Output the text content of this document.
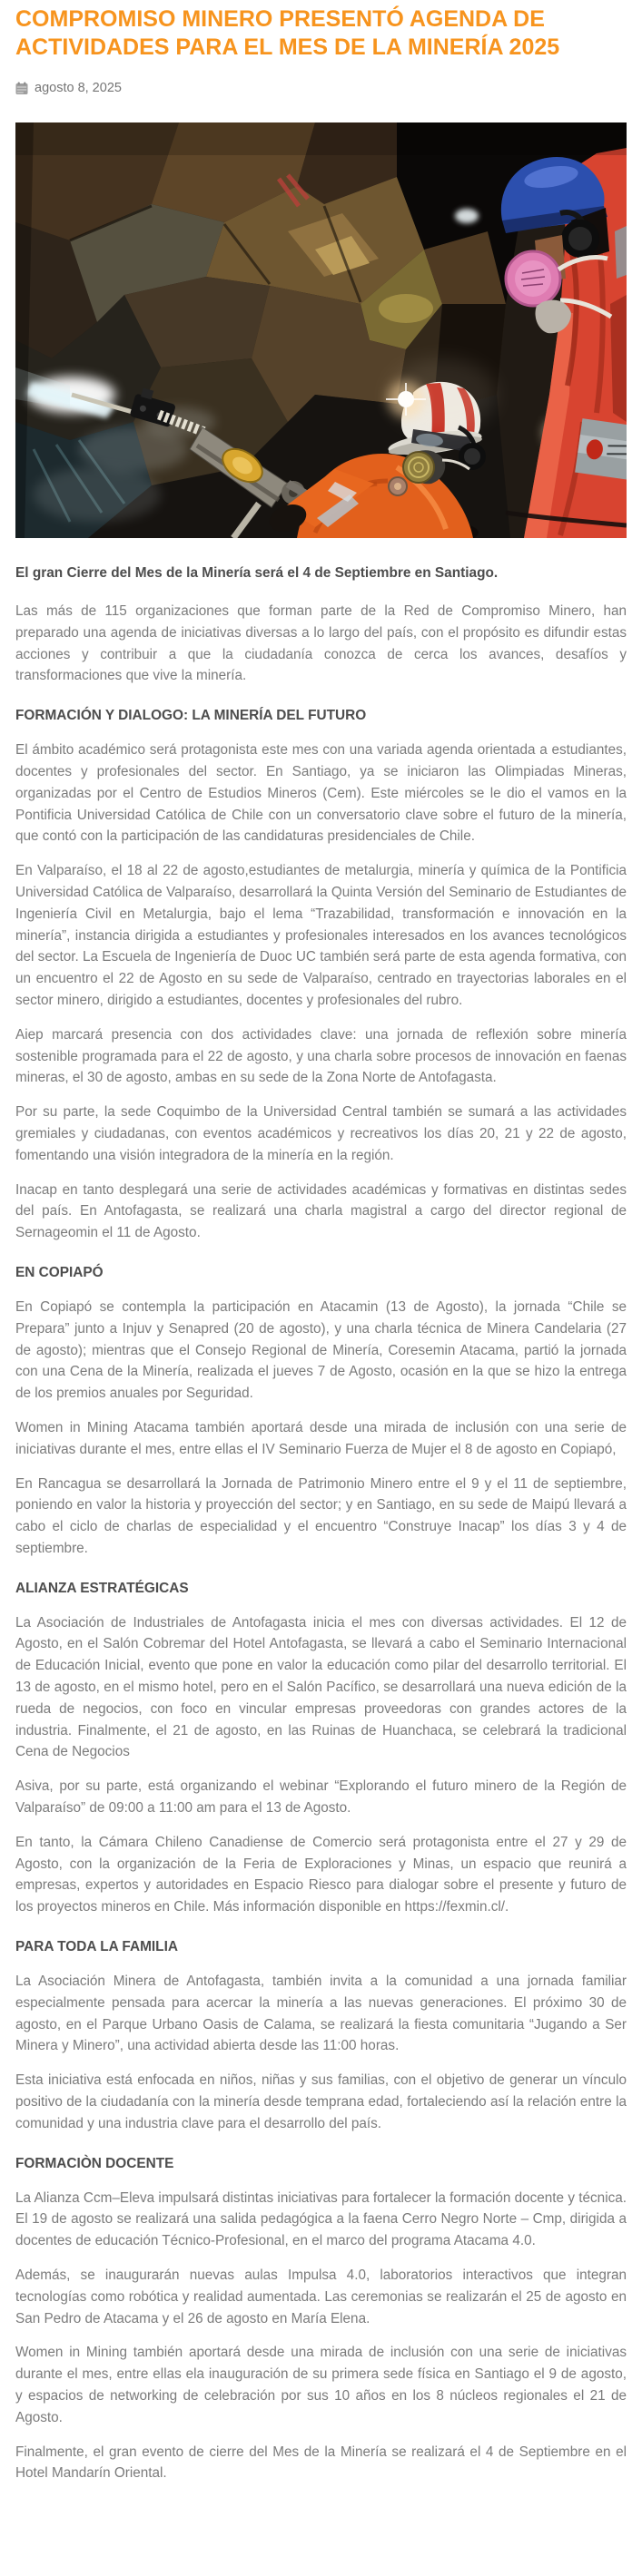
COMPROMISO MINERO PRESENTÓ AGENDA DE ACTIVIDADES PARA EL MES DE LA MINERÍA 2025
agosto 8, 2025

El gran Cierre del Mes de la Minería será el 4 de Septiembre en Santiago.

Las más de 115 organizaciones que forman parte de la Red de Compromiso Minero, han preparado una agenda de iniciativas diversas a lo largo del país, con el propósito es difundir estas acciones y contribuir a que la ciudadanía conozca de cerca los avances, desafíos y transformaciones que vive la minería.

FORMACIÓN Y DIALOGO: LA MINERÍA DEL FUTURO

El ámbito académico será protagonista este mes con una variada agenda orientada a estudiantes, docentes y profesionales del sector. En Santiago, ya se iniciaron las Olimpiadas Mineras, organizadas por el Centro de Estudios Mineros (Cem). Este miércoles se le dio el vamos en la Pontificia Universidad Católica de Chile con un conversatorio clave sobre el futuro de la minería, que contó con la participación de las candidaturas presidenciales de Chile.

En Valparaíso, el 18 al 22 de agosto,estudiantes de metalurgia, minería y química de la Pontificia Universidad Católica de Valparaíso, desarrollará la Quinta Versión del Seminario de Estudiantes de Ingeniería Civil en Metalurgia, bajo el lema “Trazabilidad, transformación e innovación en la minería”, instancia dirigida a estudiantes y profesionales interesados en los avances tecnológicos del sector. La Escuela de Ingeniería de Duoc UC también será parte de esta agenda formativa, con un encuentro el 22 de Agosto en su sede de Valparaíso, centrado en trayectorias laborales en el sector minero, dirigido a estudiantes, docentes y profesionales del rubro.

Aiep marcará presencia con dos actividades clave: una jornada de reflexión sobre minería sostenible programada para el 22 de agosto, y una charla sobre procesos de innovación en faenas mineras, el 30 de agosto, ambas en su sede de la Zona Norte de Antofagasta.

Por su parte, la sede Coquimbo de la Universidad Central también se sumará a las actividades gremiales y ciudadanas, con eventos académicos y recreativos los días 20, 21 y 22 de agosto, fomentando una visión integradora de la minería en la región.

Inacap en tanto desplegará una serie de actividades académicas y formativas en distintas sedes del país. En Antofagasta, se realizará una charla magistral a cargo del director regional de Sernageomin el 11 de Agosto.

EN COPIAPÓ

En Copiapó se contempla la participación en Atacamin (13 de Agosto), la jornada “Chile se Prepara” junto a Injuv y Senapred (20 de agosto), y una charla técnica de Minera Candelaria (27 de agosto); mientras que el Consejo Regional de Minería, Coresemin Atacama, partió la jornada con una Cena de la Minería, realizada el jueves 7 de Agosto, ocasión en la que se hizo la entrega de los premios anuales por Seguridad.

Women in Mining Atacama también aportará desde una mirada de inclusión con una serie de iniciativas durante el mes, entre ellas el IV Seminario Fuerza de Mujer el 8 de agosto en Copiapó,

En Rancagua se desarrollará la Jornada de Patrimonio Minero entre el 9 y el 11 de septiembre, poniendo en valor la historia y proyección del sector; y en Santiago, en su sede de Maipú llevará a cabo el ciclo de charlas de especialidad y el encuentro “Construye Inacap” los días 3 y 4 de septiembre.

ALIANZA ESTRATÉGICAS

La Asociación de Industriales de Antofagasta inicia el mes con diversas actividades. El 12 de Agosto, en el Salón Cobremar del Hotel Antofagasta, se llevará a cabo el Seminario Internacional de Educación Inicial, evento que pone en valor la educación como pilar del desarrollo territorial. El 13 de agosto, en el mismo hotel, pero en el Salón Pacífico, se desarrollará una nueva edición de la rueda de negocios, con foco en vincular empresas proveedoras con grandes actores de la industria. Finalmente, el 21 de agosto, en las Ruinas de Huanchaca, se celebrará la tradicional Cena de Negocios

Asiva, por su parte, está organizando el webinar “Explorando el futuro minero de la Región de Valparaíso” de 09:00 a 11:00 am para el 13 de Agosto.

En tanto, la Cámara Chileno Canadiense de Comercio será protagonista entre el 27 y 29 de Agosto, con la organización de la Feria de Exploraciones y Minas, un espacio que reunirá a empresas, expertos y autoridades en Espacio Riesco para dialogar sobre el presente y futuro de los proyectos mineros en Chile. Más información disponible en https://fexmin.cl/.

PARA TODA LA FAMILIA

La Asociación Minera de Antofagasta, también invita a la comunidad a una jornada familiar especialmente pensada para acercar la minería a las nuevas generaciones. El próximo 30 de agosto, en el Parque Urbano Oasis de Calama, se realizará la fiesta comunitaria “Jugando a Ser Minera y Minero”, una actividad abierta desde las 11:00 horas.

Esta iniciativa está enfocada en niños, niñas y sus familias, con el objetivo de generar un vínculo positivo de la ciudadanía con la minería desde temprana edad, fortaleciendo así la relación entre la comunidad y una industria clave para el desarrollo del país.

FORMACIÒN DOCENTE

La Alianza Ccm–Eleva impulsará distintas iniciativas para fortalecer la formación docente y técnica. El 19 de agosto se realizará una salida pedagógica a la faena Cerro Negro Norte – Cmp, dirigida a docentes de educación Técnico-Profesional, en el marco del programa Atacama 4.0.

Además, se inaugurarán nuevas aulas Impulsa 4.0, laboratorios interactivos que integran tecnologías como robótica y realidad aumentada. Las ceremonias se realizarán el 25 de agosto en San Pedro de Atacama y el 26 de agosto en María Elena.

Women in Mining también aportará desde una mirada de inclusión con una serie de iniciativas durante el mes, entre ellas ela inauguración de su primera sede física en Santiago el 9 de agosto, y espacios de networking de celebración por sus 10 años en los 8 núcleos regionales el 21 de Agosto.

Finalmente, el gran evento de cierre del Mes de la Minería se realizará el 4 de Septiembre en el Hotel Mandarín Oriental.
